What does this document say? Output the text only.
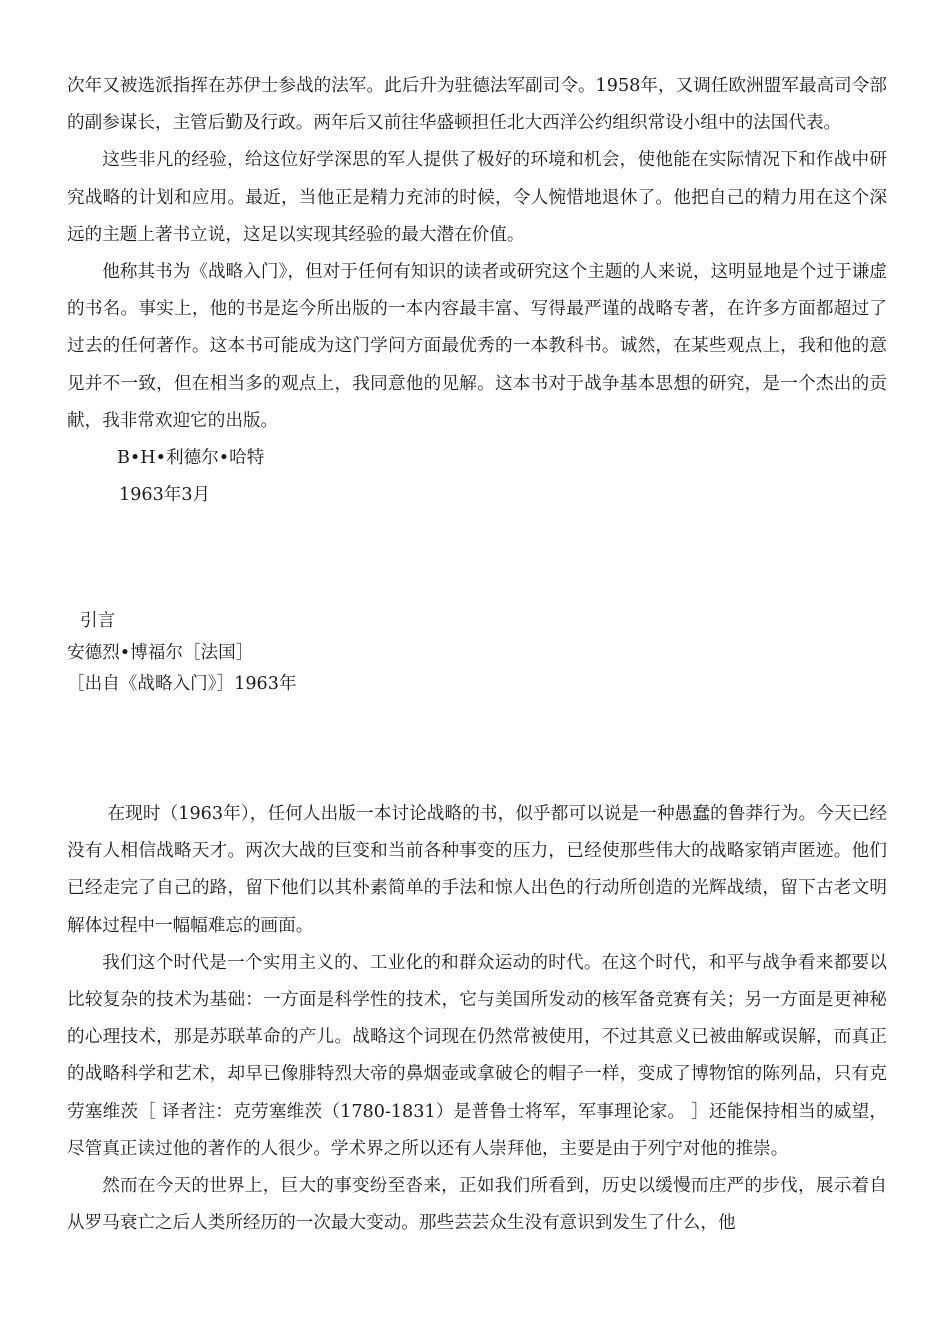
次年又被选派指挥在苏伊士参战的法军。此后升为驻德法军副司令。1958年，又调任欧洲盟军最高司令部的副参谋长，主管后勤及行政。两年后又前往华盛顿担任北大西洋公约组织常设小组中的法国代表。

这些非凡的经验，给这位好学深思的军人提供了极好的环境和机会，使他能在实际情况下和作战中研究战略的计划和应用。最近，当他正是精力充沛的时候，令人惋惜地退休了。他把自己的精力用在这个深远的主题上著书立说，这足以实现其经验的最大潜在价值。

他称其书为《战略入门》，但对于任何有知识的读者或研究这个主题的人来说，这明显地是个过于谦虚的书名。事实上，他的书是迄今所出版的一本内容最丰富、写得最严谨的战略专著，在许多方面都超过了过去的任何著作。这本书可能成为这门学问方面最优秀的一本教科书。诚然，在某些观点上，我和他的意见并不一致，但在相当多的观点上，我同意他的见解。这本书对于战争基本思想的研究，是一个杰出的贡献，我非常欢迎它的出版。

B•H•利德尔•哈特

1963年3月

引言

安德烈•博福尔［法国］

［出自《战略入门》］1963年

在现时（1963年），任何人出版一本讨论战略的书，似乎都可以说是一种愚蠢的鲁莽行为。今天已经没有人相信战略天才。两次大战的巨变和当前各种事变的压力，已经使那些伟大的战略家销声匿迹。他们已经走完了自己的路，留下他们以其朴素简单的手法和惊人出色的行动所创造的光辉战绩，留下古老文明解体过程中一幅幅难忘的画面。

我们这个时代是一个实用主义的、工业化的和群众运动的时代。在这个时代，和平与战争看来都要以比较复杂的技术为基础：一方面是科学性的技术，它与美国所发动的核军备竞赛有关；另一方面是更神秘的心理技术，那是苏联革命的产儿。战略这个词现在仍然常被使用，不过其意义已被曲解或误解，而真正的战略科学和艺术，却早已像腓特烈大帝的鼻烟壶或拿破仑的帽子一样，变成了博物馆的陈列品，只有克劳塞维茨［ 译者注：克劳塞维茨（1780-1831）是普鲁士将军，军事理论家。 ］还能保持相当的威望，尽管真正读过他的著作的人很少。学术界之所以还有人崇拜他，主要是由于列宁对他的推崇。

然而在今天的世界上，巨大的事变纷至沓来，正如我们所看到，历史以缓慢而庄严的步伐，展示着自从罗马衰亡之后人类所经历的一次最大变动。那些芸芸众生没有意识到发生了什么，他
